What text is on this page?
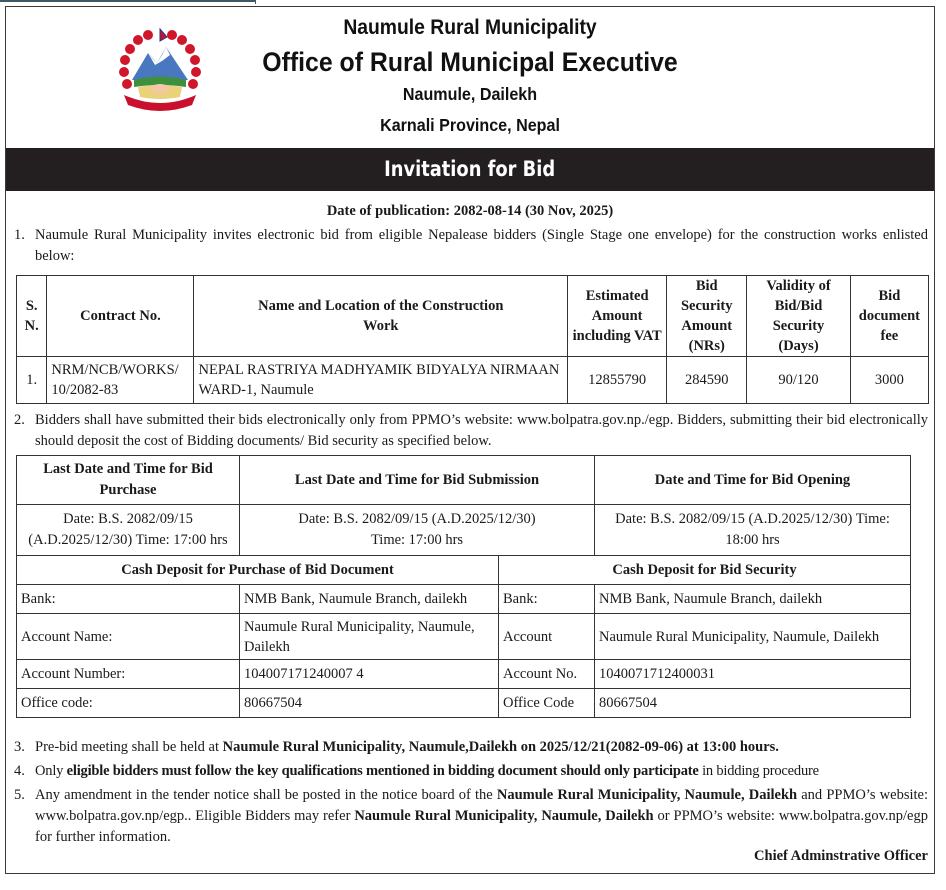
Naumule Rural Municipality
Office of Rural Municipal Executive
Naumule, Dailekh
Karnali Province, Nepal
Invitation for Bid
Date of publication: 2082-08-14 (30 Nov, 2025)
1. Naumule Rural Municipality invites electronic bid from eligible Nepalease bidders (Single Stage one envelope) for the construction works enlisted below:
S. N.	Contract No.	Name and Location of the Construction Work	Estimated Amount including VAT	Bid Security Amount (NRs)	Validity of Bid/Bid Security (Days)	Bid document fee
1.	NRM/NCB/WORKS/ 10/2082-83	NEPAL RASTRIYA MADHYAMIK BIDYALYA NIRMAAN WARD-1, Naumule	12855790	284590	90/120	3000
2. Bidders shall have submitted their bids electronically only from PPMO’s website: www.bolpatra.gov.np./egp. Bidders, submitting their bid electronically should deposit the cost of Bidding documents/ Bid security as specified below.
Last Date and Time for Bid Purchase	Last Date and Time for Bid Submission		Date and Time for Bid Opening
Date: B.S. 2082/09/15 (A.D.2025/12/30) Time: 17:00 hrs	Date: B.S. 2082/09/15 (A.D.2025/12/30) Time: 17:00 hrs		Date: B.S. 2082/09/15 (A.D.2025/12/30) Time: 18:00 hrs
Cash Deposit for Purchase of Bid Document		Cash Deposit for Bid Security	
Bank:	NMB Bank, Naumule Branch, dailekh	Bank:	NMB Bank, Naumule Branch, dailekh
Account Name:	Naumule Rural Municipality, Naumule, Dailekh	Account	Naumule Rural Municipality, Naumule, Dailekh
Account Number:	104007171240007 4	Account No.	1040071712400031
Office code:	80667504	Office Code	80667504
3. Pre-bid meeting shall be held at Naumule Rural Municipality, Naumule,Dailekh on 2025/12/21(2082-09-06) at 13:00 hours.
4. Only eligible bidders must follow the key qualifications mentioned in bidding document should only participate in bidding procedure
5. Any amendment in the tender notice shall be posted in the notice board of the Naumule Rural Municipality, Naumule, Dailekh and PPMO’s website: www.bolpatra.gov.np/egp.. Eligible Bidders may refer Naumule Rural Municipality, Naumule, Dailekh or PPMO’s website: www.bolpatra.gov.np/egp for further information.
Chief Adminstrative Officer
